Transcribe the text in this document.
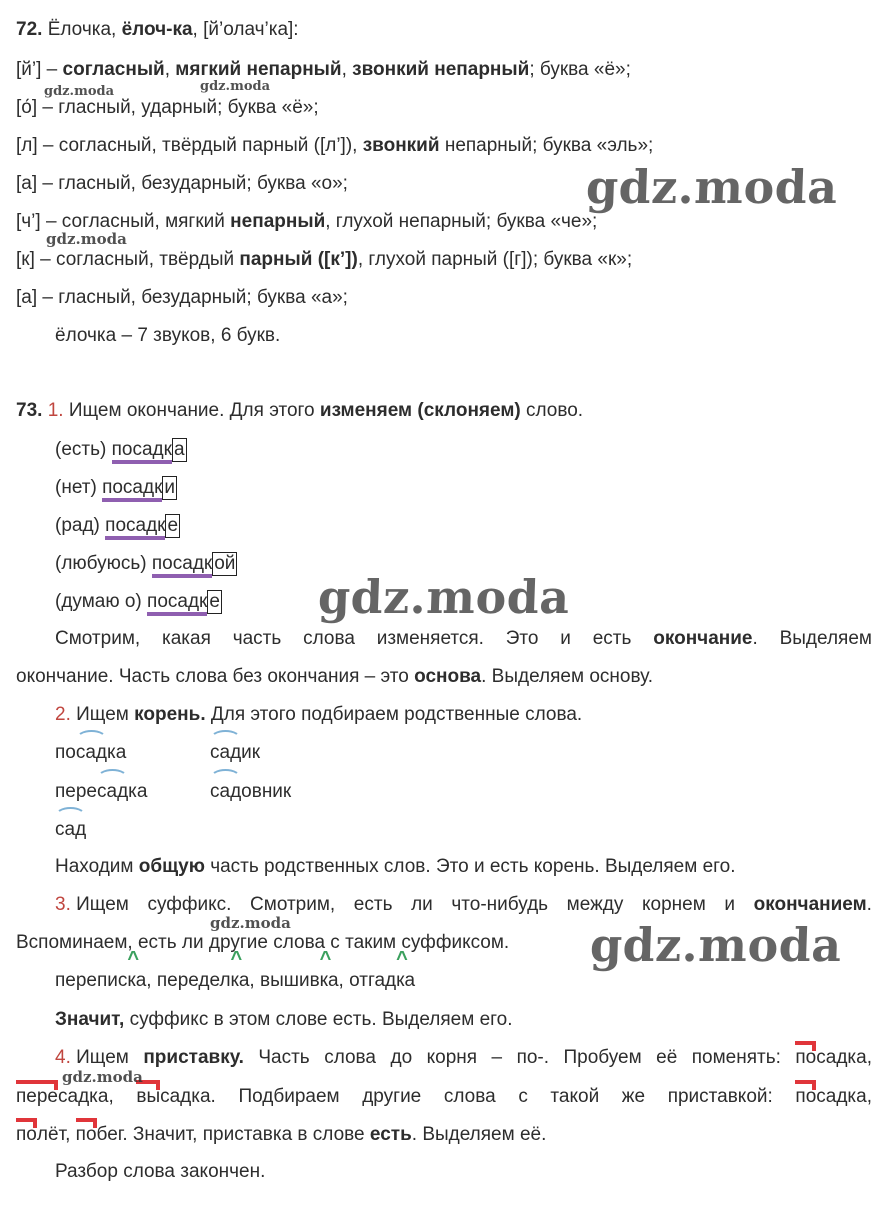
72. Ёлочка, ёлоч-ка, [й’олач’ка]:
[й’] – согласный, мягкий непарный, звонкий непарный; буква «ё»;
[о́] – гласный, ударный; буква «ё»;
[л] – согласный, твёрдый парный ([л’]), звонкий непарный; буква «эль»;
[а] – гласный, безударный; буква «о»;
[ч’] – согласный, мягкий непарный, глухой непарный; буква «че»;
[к] – согласный, твёрдый парный ([к’]), глухой парный ([г]); буква «к»;
[а] – гласный, безударный; буква «а»;
ёлочка – 7 звуков, 6 букв.
73. 1. Ищем окончание. Для этого изменяем (склоняем) слово.
(есть) посадк а
(нет) посадк и
(рад) посадк е
(любуюсь) посадк ой
(думаю о) посадк е
Смотрим, какая часть слова изменяется. Это и есть окончание. Выделяем
окончание. Часть слова без окончания – это основа. Выделяем основу.
2. Ищем корень. Для этого подбираем родственные слова.
посадка	садик
пересадка	садовник
сад
Находим общую часть родственных слов. Это и есть корень. Выделяем его.
3. Ищем суффикс. Смотрим, есть ли что-нибудь между корнем и окончанием.
Вспоминаем, есть ли другие слова с таким суффиксом.
перепис^ ка, передел^ ка, вышив^ ка, отгад^ ка
Значит, суффикс в этом слове есть. Выделяем его.
4. Ищем приставку. Часть слова до корня – по-. Пробуем её поменять: посадка,
пересадка, высадка. Подбираем другие слова с такой же приставкой: посадка,
полёт, побег. Значит, приставка в слове есть. Выделяем её.
Разбор слова закончен.
gdz.moda
gdz.moda
gdz.moda
gdz.moda	gdz.moda
gdz.moda
gdz.moda
gdz.moda
